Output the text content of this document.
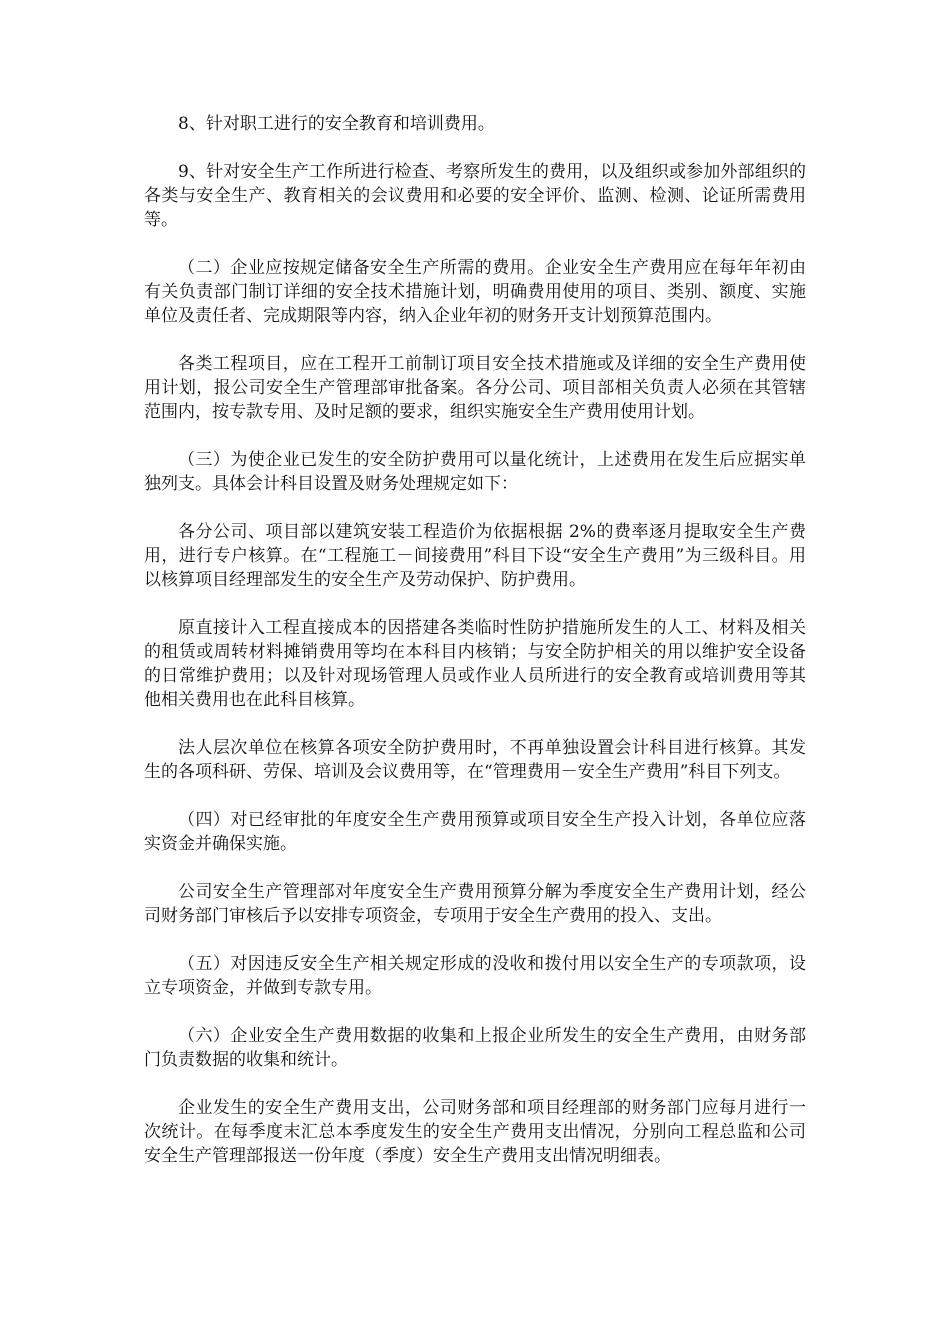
8、针对职工进行的安全教育和培训费用。

9、针对安全生产工作所进行检查、考察所发生的费用，以及组织或参加外部组织的各类与安全生产、教育相关的会议费用和必要的安全评价、监测、检测、论证所需费用等。

（二）企业应按规定储备安全生产所需的费用。企业安全生产费用应在每年年初由有关负责部门制订详细的安全技术措施计划，明确费用使用的项目、类别、额度、实施单位及责任者、完成期限等内容，纳入企业年初的财务开支计划预算范围内。

各类工程项目，应在工程开工前制订项目安全技术措施或及详细的安全生产费用使用计划，报公司安全生产管理部审批备案。各分公司、项目部相关负责人必须在其管辖范围内，按专款专用、及时足额的要求，组织实施安全生产费用使用计划。

（三）为使企业已发生的安全防护费用可以量化统计，上述费用在发生后应据实单独列支。具体会计科目设置及财务处理规定如下：

各分公司、项目部以建筑安装工程造价为依据根据 2%的费率逐月提取安全生产费用，进行专户核算。在“工程施工－间接费用”科目下设“安全生产费用”为三级科目。用以核算项目经理部发生的安全生产及劳动保护、防护费用。

原直接计入工程直接成本的因搭建各类临时性防护措施所发生的人工、材料及相关的租赁或周转材料摊销费用等均在本科目内核销；与安全防护相关的用以维护安全设备的日常维护费用；以及针对现场管理人员或作业人员所进行的安全教育或培训费用等其他相关费用也在此科目核算。

法人层次单位在核算各项安全防护费用时，不再单独设置会计科目进行核算。其发生的各项科研、劳保、培训及会议费用等，在“管理费用－安全生产费用”科目下列支。

（四）对已经审批的年度安全生产费用预算或项目安全生产投入计划，各单位应落实资金并确保实施。

公司安全生产管理部对年度安全生产费用预算分解为季度安全生产费用计划，经公司财务部门审核后予以安排专项资金，专项用于安全生产费用的投入、支出。

（五）对因违反安全生产相关规定形成的没收和拨付用以安全生产的专项款项，设立专项资金，并做到专款专用。

（六）企业安全生产费用数据的收集和上报企业所发生的安全生产费用，由财务部门负责数据的收集和统计。

企业发生的安全生产费用支出，公司财务部和项目经理部的财务部门应每月进行一次统计。在每季度末汇总本季度发生的安全生产费用支出情况，分别向工程总监和公司安全生产管理部报送一份年度（季度）安全生产费用支出情况明细表。
